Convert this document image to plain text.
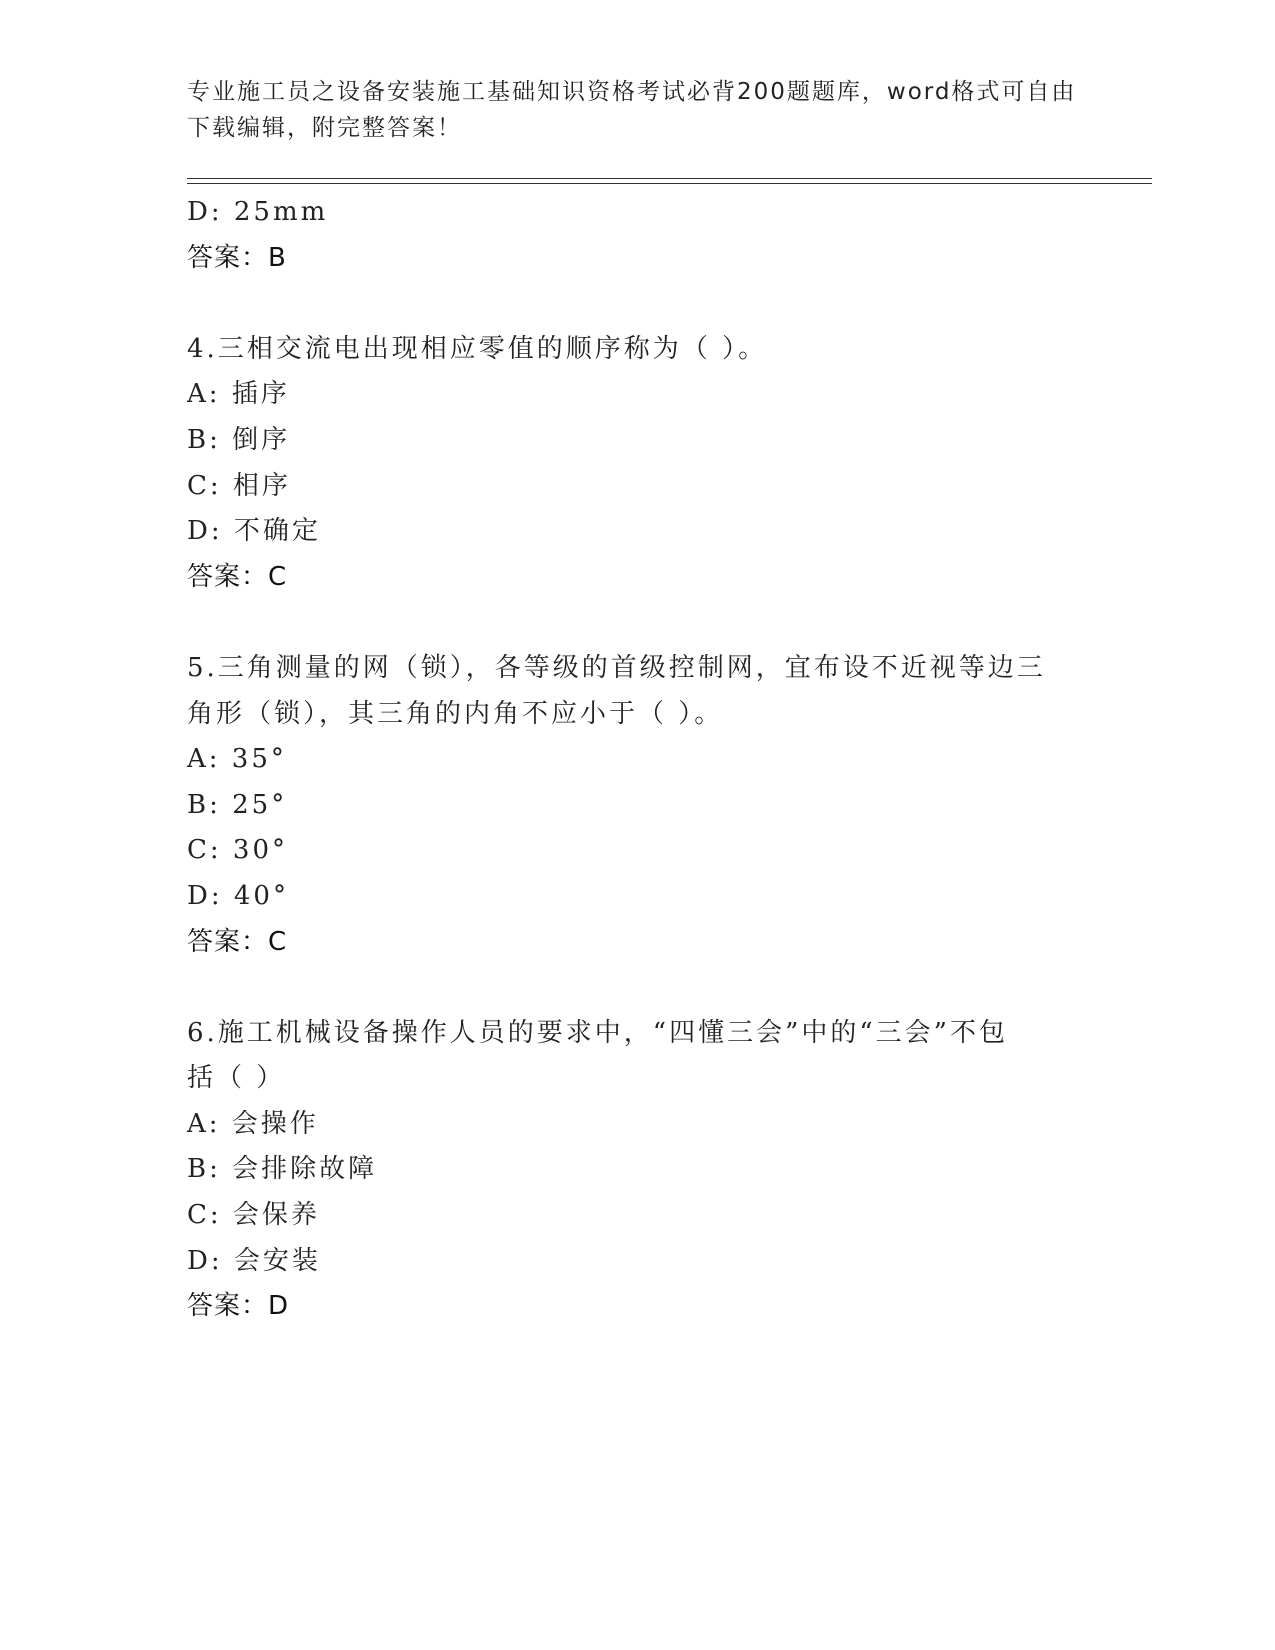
专业施工员之设备安装施工基础知识资格考试必背200题题库，word格式可自由
下载编辑，附完整答案！

D: 25mm

答案：B

4.三相交流电出现相应零值的顺序称为（ ）。

A: 插序

B: 倒序

C: 相序

D: 不确定

答案：C

5.三角测量的网（锁），各等级的首级控制网，宜布设不近视等边三

角形（锁），其三角的内角不应小于（ ）。

A: 35°

B: 25°

C: 30°

D: 40°

答案：C

6.施工机械设备操作人员的要求中，“四懂三会”中的“三会”不包

括（ ）

A: 会操作

B: 会排除故障

C: 会保养

D: 会安装

答案：D
